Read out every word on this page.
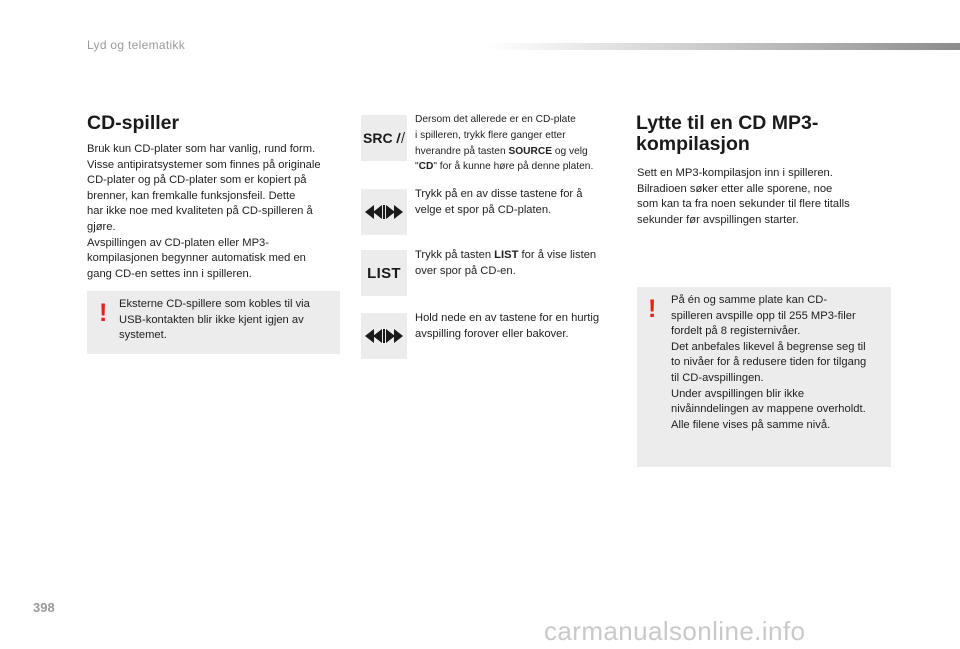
Lyd og telematikk
CD-spiller
Bruk kun CD-plater som har vanlig, rund form.
Visse antipiratsystemer som finnes på originale
CD-plater og på CD-plater som er kopiert på
brenner, kan fremkalle funksjonsfeil. Dette
har ikke noe med kvaliteten på CD-spilleren å
gjøre.
Avspillingen av CD-platen eller MP3-
kompilasjonen begynner automatisk med en
gang CD-en settes inn i spilleren.
! Eksterne CD-spillere som kobles til via
USB-kontakten blir ikke kjent igjen av
systemet.
SRC
Dersom det allerede er en CD-plate
i spilleren, trykk flere ganger etter
hverandre på tasten SOURCE og velg
"CD" for å kunne høre på denne platen.
Trykk på en av disse tastene for å
velge et spor på CD-platen.
LIST
Trykk på tasten LIST for å vise listen
over spor på CD-en.
Hold nede en av tastene for en hurtig
avspilling forover eller bakover.
Lytte til en CD MP3-
kompilasjon
Sett en MP3-kompilasjon inn i spilleren.
Bilradioen søker etter alle sporene, noe
som kan ta fra noen sekunder til flere titalls
sekunder før avspillingen starter.
! På én og samme plate kan CD-
spilleren avspille opp til 255 MP3-filer
fordelt på 8 registernivåer.
Det anbefales likevel å begrense seg til
to nivåer for å redusere tiden for tilgang
til CD-avspillingen.
Under avspillingen blir ikke
nivåinndelingen av mappene overholdt.
Alle filene vises på samme nivå.
398
carmanualsonline.info
